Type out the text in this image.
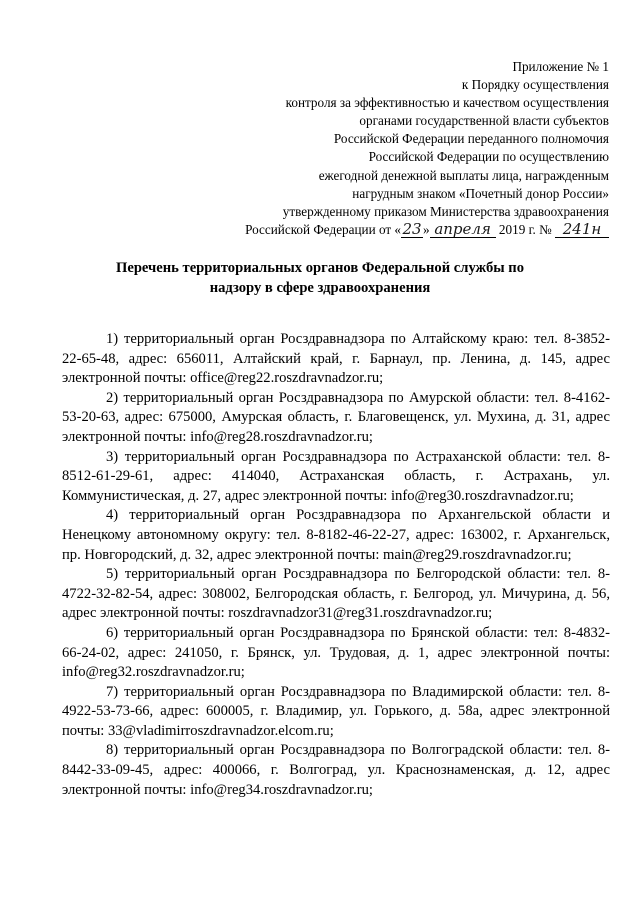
Приложение № 1
к Порядку осуществления
контроля за эффективностью и качеством осуществления
органами государственной власти субъектов
Российской Федерации переданного полномочия
Российской Федерации по осуществлению
ежегодной денежной выплаты лица, награжденным
нагрудным знаком «Почетный донор России»
утвержденному приказом Министерства здравоохранения
Российской Федерации от «23» апреля 2019 г. № 241н
Перечень территориальных органов Федеральной службы по надзору в сфере здравоохранения

1) территориальный орган Росздравнадзора по Алтайскому краю: тел. 8-3852-22-65-48, адрес: 656011, Алтайский край, г. Барнаул, пр. Ленина, д. 145, адрес электронной почты: office@reg22.roszdravnadzor.ru;

2) территориальный орган Росздравнадзора по Амурской области: тел. 8-4162-53-20-63, адрес: 675000, Амурская область, г. Благовещенск, ул. Мухина, д. 31, адрес электронной почты: info@reg28.roszdravnadzor.ru;

3) территориальный орган Росздравнадзора по Астраханской области: тел. 8-8512-61-29-61, адрес: 414040, Астраханская область, г. Астрахань, ул. Коммунистическая, д. 27, адрес электронной почты: info@reg30.roszdravnadzor.ru;

4) территориальный орган Росздравнадзора по Архангельской области и Ненецкому автономному округу: тел. 8-8182-46-22-27, адрес: 163002, г. Архангельск, пр. Новгородский, д. 32, адрес электронной почты: main@reg29.roszdravnadzor.ru;

5) территориальный орган Росздравнадзора по Белгородской области: тел. 8-4722-32-82-54, адрес: 308002, Белгородская область, г. Белгород, ул. Мичурина, д. 56, адрес электронной почты: roszdravnadzor31@reg31.roszdravnadzor.ru;

6) территориальный орган Росздравнадзора по Брянской области: тел: 8-4832-66-24-02, адрес: 241050, г. Брянск, ул. Трудовая, д. 1, адрес электронной почты: info@reg32.roszdravnadzor.ru;

7) территориальный орган Росздравнадзора по Владимирской области: тел. 8-4922-53-73-66, адрес: 600005, г. Владимир, ул. Горького, д. 58а, адрес электронной почты: 33@vladimirroszdravnadzor.elcom.ru;

8) территориальный орган Росздравнадзора по Волгоградской области: тел. 8-8442-33-09-45, адрес: 400066, г. Волгоград, ул. Краснознаменская, д. 12, адрес электронной почты: info@reg34.roszdravnadzor.ru;
